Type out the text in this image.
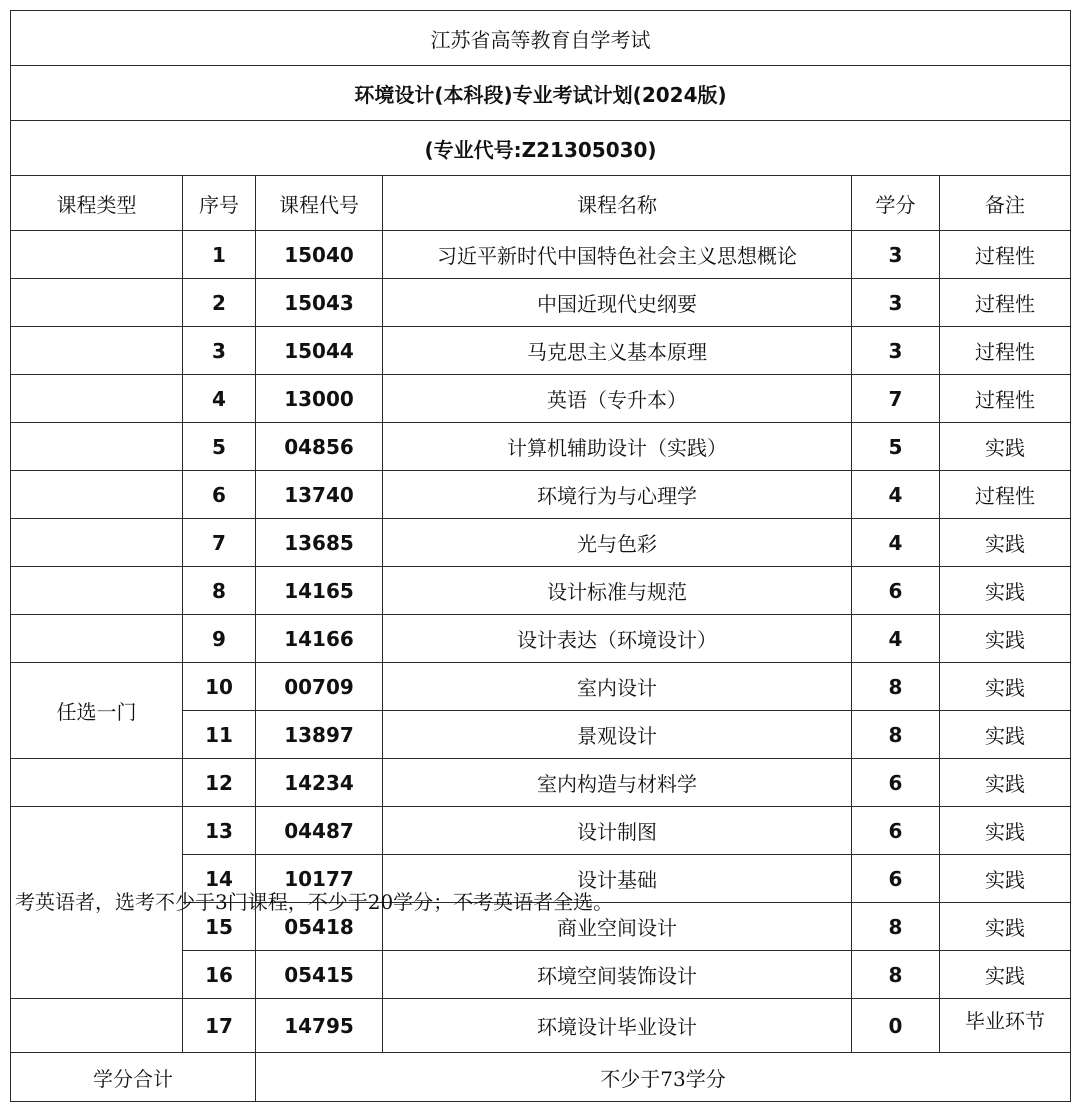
江苏省高等教育自学考试					
环境设计(本科段)专业考试计划(2024版)					
(专业代号:Z21305030)					
课程类型	序号	课程代号	课程名称	学分	备注
	1	15040	习近平新时代中国特色社会主义思想概论	3	过程性
	2	15043	中国近现代史纲要	3	过程性
	3	15044	马克思主义基本原理	3	过程性
	4	13000	英语（专升本）	7	过程性
	5	04856	计算机辅助设计（实践）	5	实践
	6	13740	环境行为与心理学	4	过程性
	7	13685	光与色彩	4	实践
	8	14165	设计标准与规范	6	实践
	9	14166	设计表达（环境设计）	4	实践
任选一门	10	00709	室内设计	8	实践
	11	13897	景观设计	8	实践
	12	14234	室内构造与材料学	6	实践
考英语者，选考不少于3门课程，不少于20学分；不考英语者全选。	13	04487	设计制图	6	实践
	14	10177	设计基础	6	实践
	15	05418	商业空间设计	8	实践
	16	05415	环境空间装饰设计	8	实践
	17	14795	环境设计毕业设计	0	毕业环节
学分合计		不少于73学分			
